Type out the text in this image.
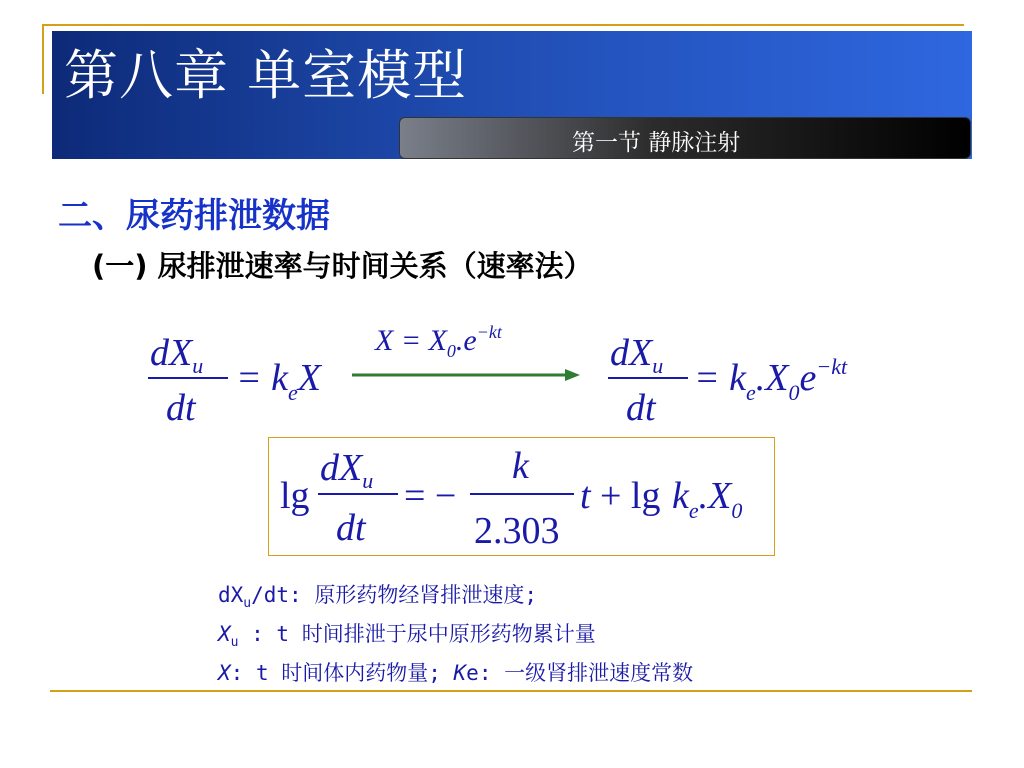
第八章 单室模型
第一节 静脉注射
二、尿药排泄数据
(一) 尿排泄速率与时间关系（速率法）
$dX_u$
dt
= $k_eX$
$X = X_0.e^{-kt}$	$dX_u$
dt
= $k_e.X_0e^{-kt}$
lg
$dX_u$
dt
= −
k
2.303
$t + \lg k_e.X_0$
$dX_u/dt$: 原形药物经肾排泄速度;
$X_u$ : t 时间排泄于尿中原形药物累计量
X: t 时间体内药物量; Ke: 一级肾排泄速度常数
